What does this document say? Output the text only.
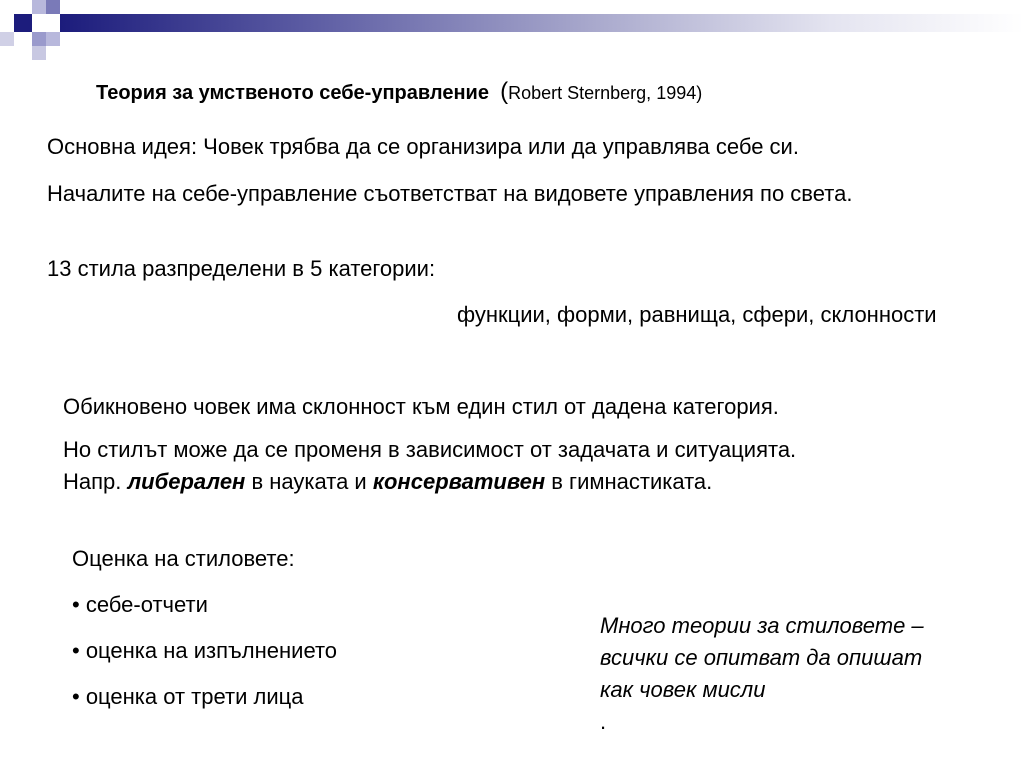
Теория за умственото себе-управление (Robert Sternberg, 1994)
Основна идея: Човек трябва да се организира или да управлява себе си.
Началите на себе-управление съответстват на видовете управления по света.
13 стила разпределени в 5 категории:
функции, форми, равнища, сфери, склонности
Обикновено човек има склонност към един стил от дадена категория.
Но стилът може да се променя в зависимост от задачата и ситуацията.
Напр. либерален в науката и консервативен в гимнастиката.
Оценка на стиловете:
• себе-отчети
• оценка на изпълнението
• оценка от трети лица
Много теории за стиловете –
всички се опитват да опишат
как човек мисли
.
